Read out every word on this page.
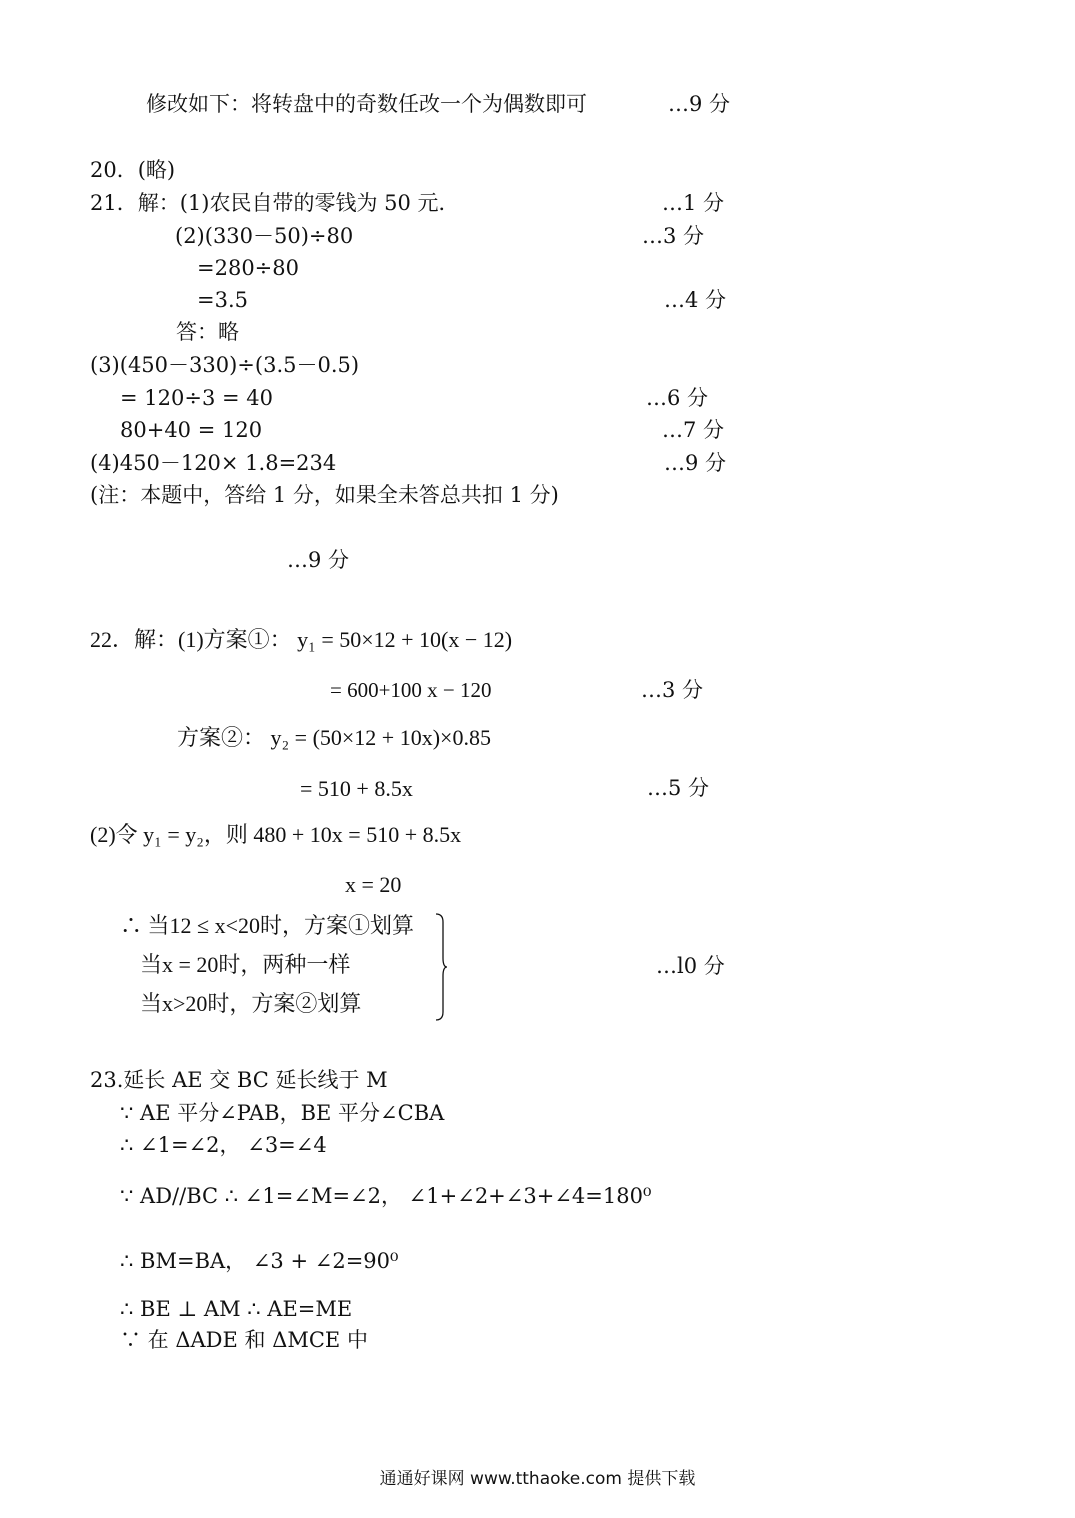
修改如下：将转盘中的奇数任改一个为偶数即可	…9 分
20．(略)
21．解：(1)农民自带的零钱为 50 元．	…1 分
(2)(330－50)÷80	…3 分
=280÷80
=3.5	…4 分
答：略
(3)(450－330)÷(3.5－0.5)
= 120÷3 = 40	…6 分
80+40 = 120	…7 分
(4)450－120× 1.8=234	…9 分
(注：本题中，答给 1 分，如果全未答总共扣 1 分)
…9 分
22．解：(1)方案①： y₁ = 50×12 + 10(x − 12)
= 600+100 x − 120	…3 分
方案②： y₂ = (50×12 + 10x)×0.85
= 510 + 8.5x	…5 分
(2)令 y₁ = y₂，则 480 + 10x = 510 + 8.5x
x = 20
∴ 当12 ≤ x<20时，方案①划算
当x = 20时，两种一样
当x>20时，方案②划算
…l0 分
23.延长 AE 交 BC 延长线于 M
∵ AE 平分∠PAB，BE 平分∠CBA
∴ ∠1=∠2， ∠3=∠4
∵ AD//BC ∴ ∠1=∠M=∠2， ∠1+∠2+∠3+∠4=180⁰
∴ BM=BA， ∠3 + ∠2=90⁰
∴ BE ⊥ AM ∴ AE=ME
∵ 在 ΔADE 和 ΔMCE 中
通通好课网 www.tthaoke.com 提供下载
